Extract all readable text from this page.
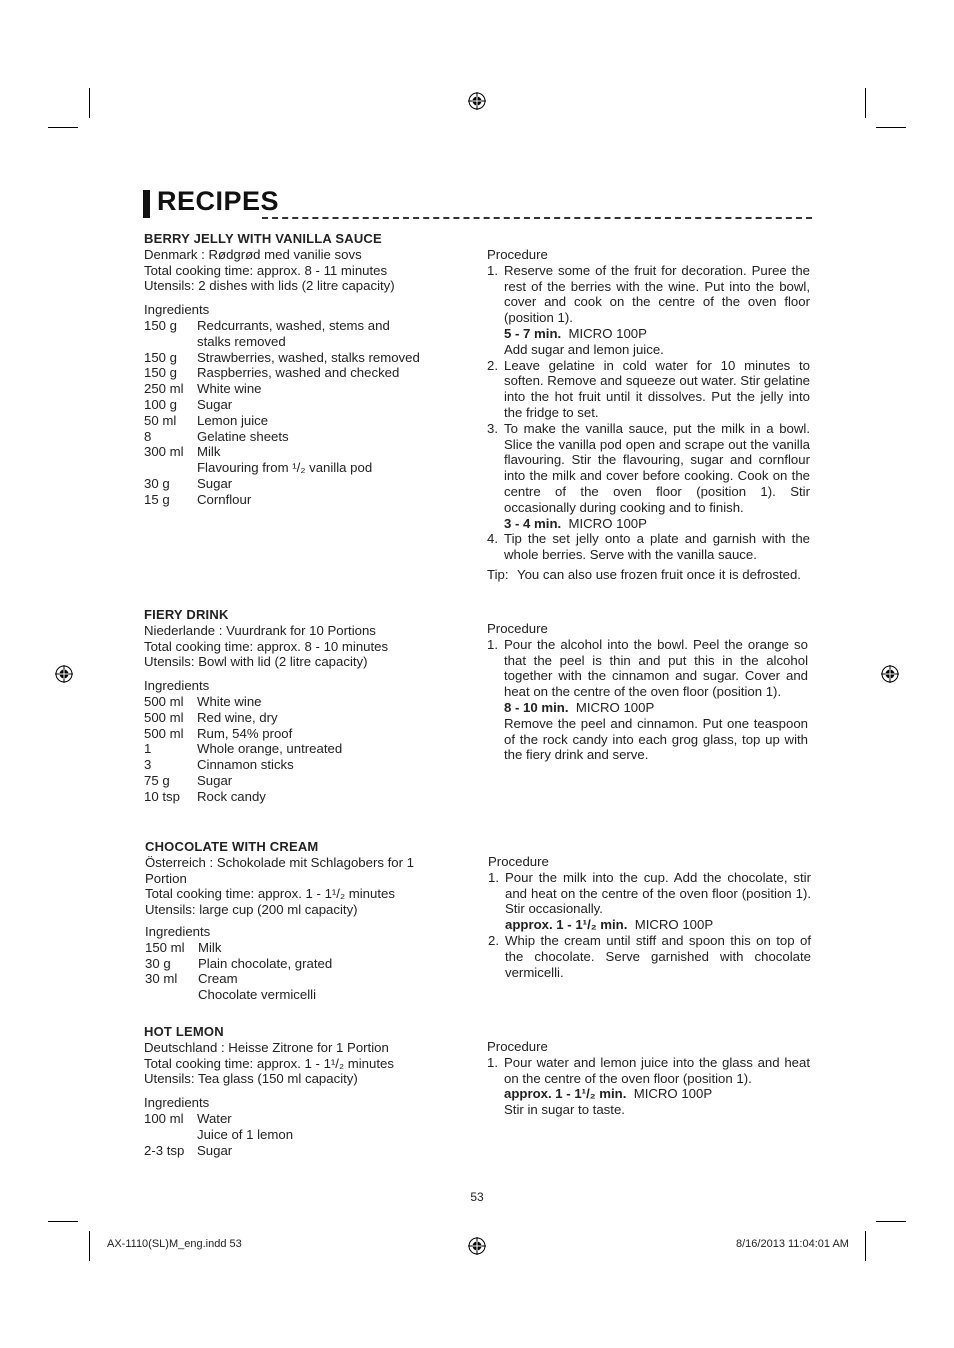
RECIPES

BERRY JELLY WITH VANILLA SAUCE

Denmark : Rødgrød med vanilie sovs

Total cooking time: approx. 8 - 11 minutes

Utensils: 2 dishes with lids (2 litre capacity)

Ingredients

150 g	Redcurrants, washed, stems and stalks removed
150 g	Strawberries, washed, stalks removed
150 g	Raspberries, washed and checked
250 ml	White wine
100 g	Sugar
50 ml	Lemon juice
8	Gelatine sheets
300 ml	Milk
Flavouring from ¹/₂ vanilla pod
30 g	Sugar
15 g	Cornflour

Procedure

1. Reserve some of the fruit for decoration. Puree the rest of the berries with the wine. Put into the bowl, cover and cook on the centre of the oven floor (position 1).
5 - 7 min. MICRO 100P
Add sugar and lemon juice.
2. Leave gelatine in cold water for 10 minutes to soften. Remove and squeeze out water. Stir gelatine into the hot fruit until it dissolves. Put the jelly into the fridge to set.
3. To make the vanilla sauce, put the milk in a bowl. Slice the vanilla pod open and scrape out the vanilla flavouring. Stir the flavouring, sugar and cornflour into the milk and cover before cooking. Cook on the centre of the oven floor (position 1). Stir occasionally during cooking and to finish.
3 - 4 min. MICRO 100P
4. Tip the set jelly onto a plate and garnish with the whole berries. Serve with the vanilla sauce.
Tip: You can also use frozen fruit once it is defrosted.

FIERY DRINK

Niederlande : Vuurdrank for 10 Portions

Total cooking time: approx. 8 - 10 minutes

Utensils: Bowl with lid (2 litre capacity)

Ingredients

500 ml	White wine
500 ml	Red wine, dry
500 ml	Rum, 54% proof
1	Whole orange, untreated
3	Cinnamon sticks
75 g	Sugar
10 tsp	Rock candy

Procedure

1. Pour the alcohol into the bowl. Peel the orange so that the peel is thin and put this in the alcohol together with the cinnamon and sugar. Cover and heat on the centre of the oven floor (position 1).
8 - 10 min. MICRO 100P
Remove the peel and cinnamon. Put one teaspoon of the rock candy into each grog glass, top up with the fiery drink and serve.

CHOCOLATE WITH CREAM

Österreich : Schokolade mit Schlagobers for 1 Portion

Total cooking time: approx. 1 - 1¹/₂ minutes

Utensils: large cup (200 ml capacity)

Ingredients

150 ml	Milk
30 g	Plain chocolate, grated
30 ml	Cream
Chocolate vermicelli

Procedure

1. Pour the milk into the cup. Add the chocolate, stir and heat on the centre of the oven floor (position 1). Stir occasionally.
approx. 1 - 1¹/₂ min. MICRO 100P
2. Whip the cream until stiff and spoon this on top of the chocolate. Serve garnished with chocolate vermicelli.

HOT LEMON

Deutschland : Heisse Zitrone for 1 Portion

Total cooking time: approx. 1 - 1¹/₂ minutes

Utensils: Tea glass (150 ml capacity)

Ingredients

100 ml	Water
Juice of 1 lemon
2-3 tsp Sugar

Procedure

1. Pour water and lemon juice into the glass and heat on the centre of the oven floor (position 1).
approx. 1 - 1¹/₂ min. MICRO 100P
Stir in sugar to taste.
53
AX-1110(SL)M_eng.indd 53	8/16/2013 11:04:01 AM
